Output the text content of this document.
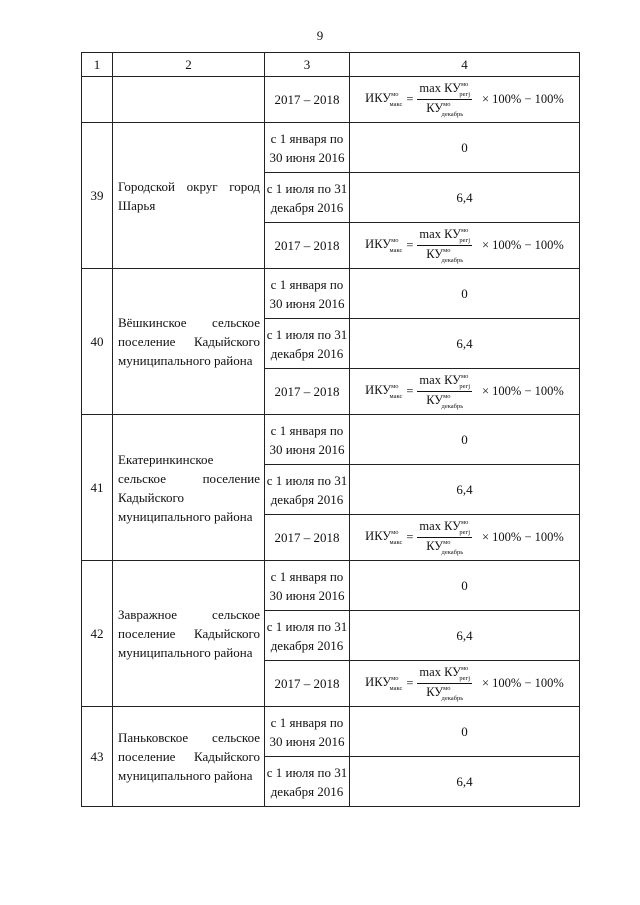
9
1	2	3	4
		2017 – 2018	$ИКУ^{мо}_{макс} = \frac{\max КУ^{мо}_{регj}}{КУ^{мо}_{декабрь}} \times 100\% - 100\%$

39	Городской округ город Шарья	с 1 января по 30 июня 2016	0
		с 1 июля по 31 декабря 2016	6,4
		2017 – 2018	$ИКУ^{мо}_{макс} = \frac{\max КУ^{мо}_{регj}}{КУ^{мо}_{декабрь}} \times 100\% - 100\%$

40	Вёшкинское сельское поселение Кадыйского муниципального района	с 1 января по 30 июня 2016	0
		с 1 июля по 31 декабря 2016	6,4
		2017 – 2018	$ИКУ^{мо}_{макс} = \frac{\max КУ^{мо}_{регj}}{КУ^{мо}_{декабрь}} \times 100\% - 100\%$

41	Екатеринкинское сельское поселение Кадыйского муниципального района	с 1 января по 30 июня 2016	0
		с 1 июля по 31 декабря 2016	6,4
		2017 – 2018	$ИКУ^{мо}_{макс} = \frac{\max КУ^{мо}_{регj}}{КУ^{мо}_{декабрь}} \times 100\% - 100\%$

42	Завражное сельское поселение Кадыйского муниципального района	с 1 января по 30 июня 2016	0
		с 1 июля по 31 декабря 2016	6,4
		2017 – 2018	$ИКУ^{мо}_{макс} = \frac{\max КУ^{мо}_{регj}}{КУ^{мо}_{декабрь}} \times 100\% - 100\%$

43	Паньковское сельское поселение Кадыйского муниципального района	с 1 января по 30 июня 2016	0
		с 1 июля по 31 декабря 2016	6,4
